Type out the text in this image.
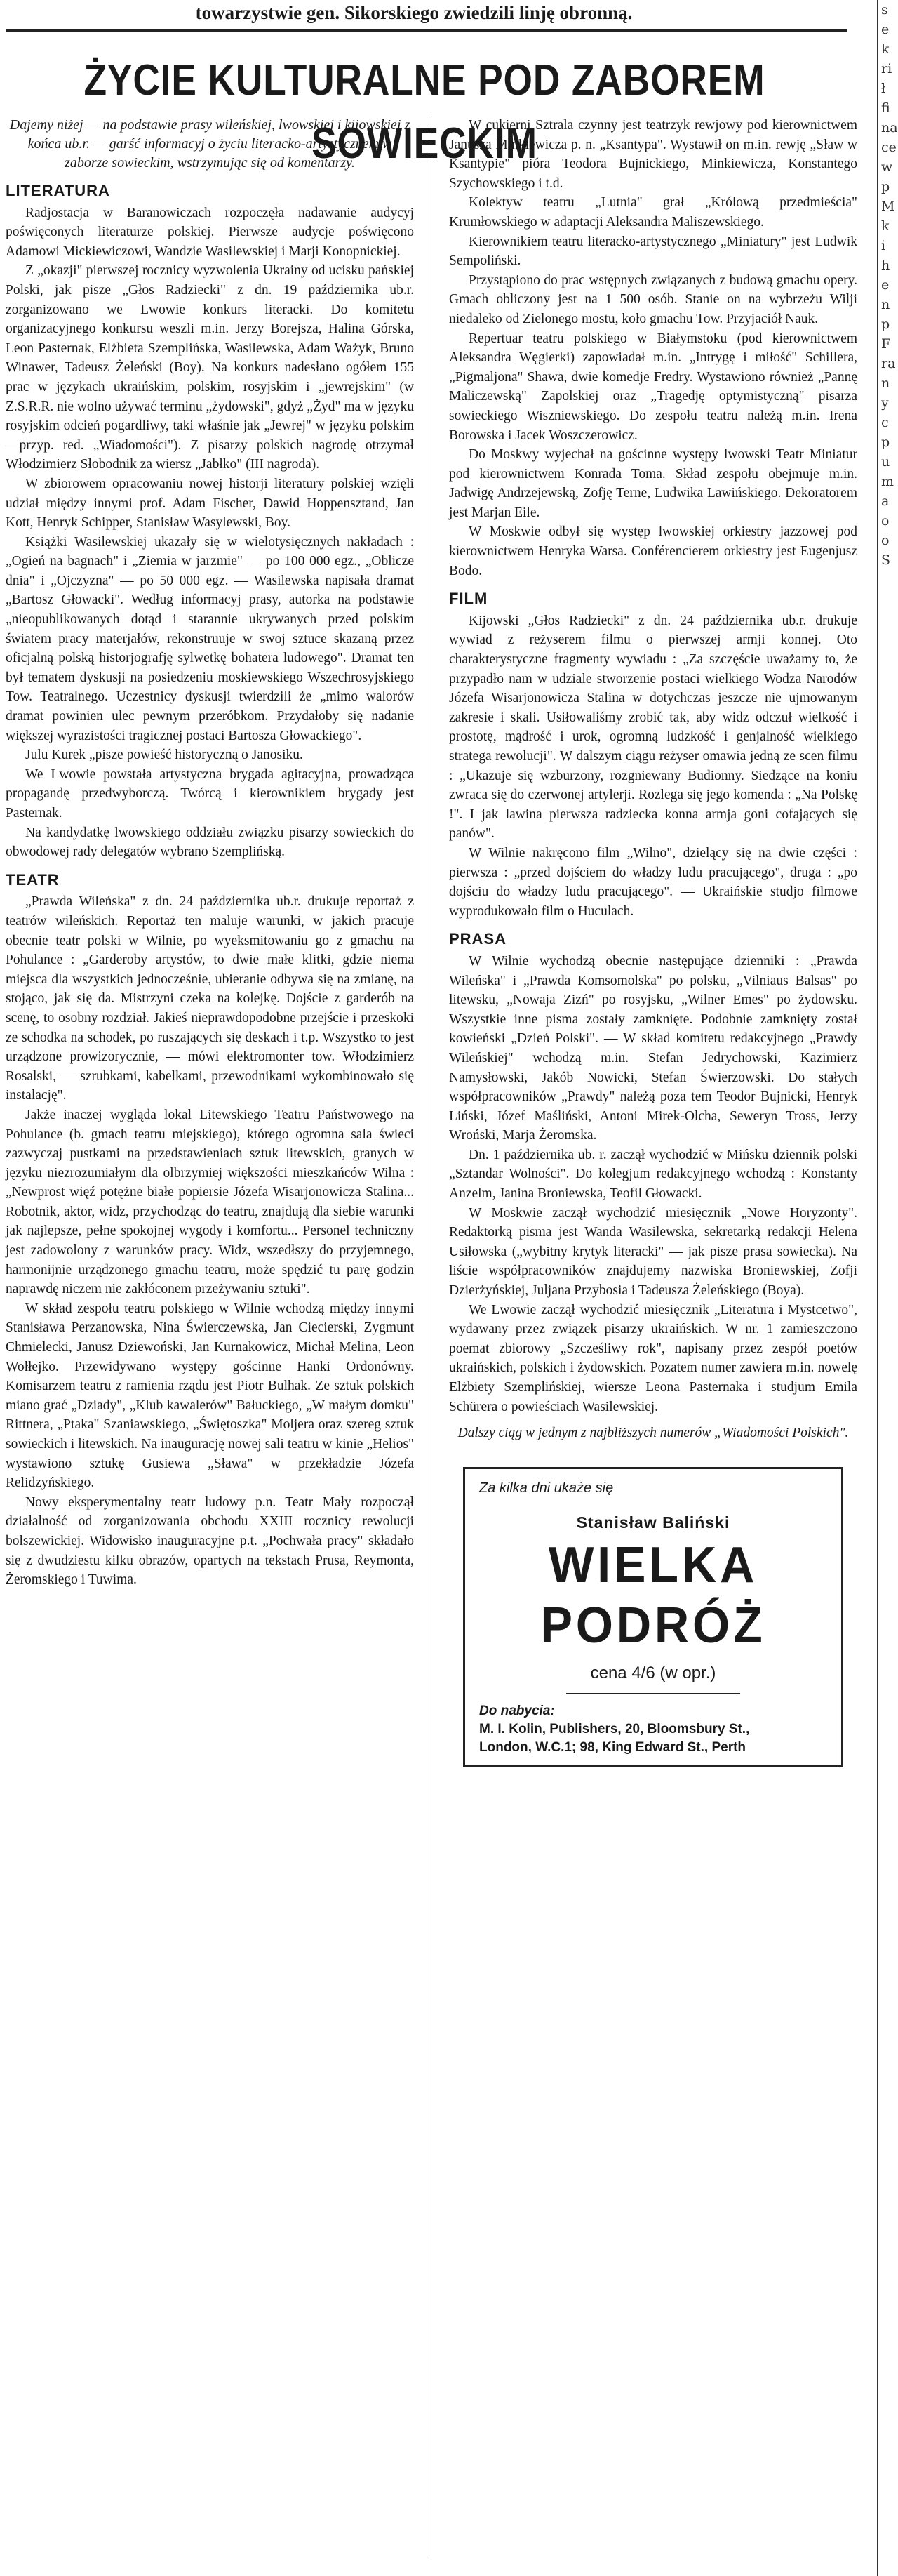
towarzystwie gen. Sikorskiego zwiedzili linję obronną.
ŻYCIE KULTURALNE POD ZABOREM SOWIECKIM

Dajemy niżej — na podstawie prasy wileńskiej, lwowskiej i kijowskiej z końca ub.r. — garść informacyj o życiu literacko-artystycznem w zaborze sowieckim, wstrzymując się od komentarzy.

LITERATURA

Radjostacja w Baranowiczach rozpoczęła nadawanie audycyj poświęconych literaturze polskiej. Pierwsze audycje poświęcono Adamowi Mickiewiczowi, Wandzie Wasilewskiej i Marji Konopnickiej.

Z „okazji" pierwszej rocznicy wyzwolenia Ukrainy od ucisku pańskiej Polski, jak pisze „Głos Radziecki" z dn. 19 października ub.r. zorganizowano we Lwowie konkurs literacki. Do komitetu organizacyjnego konkursu weszli m.in. Jerzy Borejsza, Halina Górska, Leon Pasternak, Elżbieta Szemplińska, Wasilewska, Adam Ważyk, Bruno Winawer, Tadeusz Żeleński (Boy). Na konkurs nadesłano ogółem 155 prac w językach ukraińskim, polskim, rosyjskim i „jewrejskim" (w Z.S.R.R. nie wolno używać terminu „żydowski", gdyż „Żyd" ma w języku rosyjskim odcień pogardliwy, taki właśnie jak „Jewrej" w języku polskim —przyp. red. „Wiadomości"). Z pisarzy polskich nagrodę otrzymał Włodzimierz Słobodnik za wiersz „Jabłko" (III nagroda).

W zbiorowem opracowaniu nowej historji literatury polskiej wzięli udział między innymi prof. Adam Fischer, Dawid Hoppensztand, Jan Kott, Henryk Schipper, Stanisław Wasylewski, Boy.

Książki Wasilewskiej ukazały się w wielotysięcznych nakładach : „Ogień na bagnach" i „Ziemia w jarzmie" — po 100 000 egz., „Oblicze dnia" i „Ojczyzna" — po 50 000 egz. — Wasilewska napisała dramat „Bartosz Głowacki". Według informacyj prasy, autorka na podstawie „nieopublikowanych dotąd i starannie ukrywanych przed polskim światem pracy materjałów, rekonstruuje w swoj sztuce skazaną przez oficjalną polską historjografję sylwetkę bohatera ludowego". Dramat ten był tematem dyskusji na posiedzeniu moskiewskiego Wszechrosyjskiego Tow. Teatralnego. Uczestnicy dyskusji twierdzili że „mimo walorów dramat powinien ulec pewnym przeróbkom. Przydałoby się nadanie większej wyrazistości tragicznej postaci Bartosza Głowackiego".

Julu Kurek „pisze powieść historyczną o Janosiku.

We Lwowie powstała artystyczna brygada agitacyjna, prowadząca propagandę przedwyborczą. Twórcą i kierownikiem brygady jest Pasternak.

Na kandydatkę lwowskiego oddziału związku pisarzy sowieckich do obwodowej rady delegatów wybrano Szemplińską.

TEATR

„Prawda Wileńska" z dn. 24 października ub.r. drukuje reportaż z teatrów wileńskich. Reportaż ten maluje warunki, w jakich pracuje obecnie teatr polski w Wilnie, po wyeksmitowaniu go z gmachu na Pohulance : „Garderoby artystów, to dwie małe klitki, gdzie niema miejsca dla wszystkich jednocześnie, ubieranie odbywa się na zmianę, na stojąco, jak się da. Mistrzyni czeka na kolejkę. Dojście z garderób na scenę, to osobny rozdział. Jakieś nieprawdopodobne przejście i przeskoki ze schodka na schodek, po ruszających się deskach i t.p. Wszystko to jest urządzone prowizorycznie, — mówi elektromonter tow. Włodzimierz Rosalski, — szrubkami, kabelkami, przewodnikami wykombinowało się instalację".

Jakże inaczej wygląda lokal Litewskiego Teatru Państwowego na Pohulance (b. gmach teatru miejskiego), którego ogromna sala świeci zazwyczaj pustkami na przedstawieniach sztuk litewskich, granych w języku niezrozumiałym dla olbrzymiej większości mieszkańców Wilna : „Newprost więź potężne białe popiersie Józefa Wisarjonowicza Stalina... Robotnik, aktor, widz, przychodząc do teatru, znajdują dla siebie warunki jak najlepsze, pełne spokojnej wygody i komfortu... Personel techniczny jest zadowolony z warunków pracy. Widz, wszedłszy do przyjemnego, harmonijnie urządzonego gmachu teatru, może spędzić tu parę godzin naprawdę niczem nie zakłóconem przeżywaniu sztuki".

W skład zespołu teatru polskiego w Wilnie wchodzą między innymi Stanisława Perzanowska, Nina Świerczewska, Jan Ciecierski, Zygmunt Chmielecki, Janusz Dziewoński, Jan Kurnakowicz, Michał Melina, Leon Wołłejko. Przewidywano występy gościnne Hanki Ordonówny. Komisarzem teatru z ramienia rządu jest Piotr Bulhak. Ze sztuk polskich miano grać „Dziady", „Klub kawalerów" Bałuckiego, „W małym domku" Rittnera, „Ptaka" Szaniawskiego, „Świętoszka" Moljera oraz szereg sztuk sowieckich i litewskich. Na inaugurację nowej sali teatru w kinie „Helios" wystawiono sztukę Gusiewa „Sława" w przekładzie Józefa Relidzyńskiego.

Nowy eksperymentalny teatr ludowy p.n. Teatr Mały rozpoczął działalność od zorganizowania obchodu XXIII rocznicy rewolucji bolszewickiej. Widowisko inauguracyjne p.t. „Pochwała pracy" składało się z dwudziestu kilku obrazów, opartych na tekstach Prusa, Reymonta, Żeromskiego i Tuwima.

W cukierni Sztrala czynny jest teatrzyk rewjowy pod kierownictwem Janusza Minkiewicza p. n. „Ksantypa". Wystawił on m.in. rewję „Sław w Ksantypie" pióra Teodora Bujnickiego, Minkiewicza, Konstantego Szychowskiego i t.d.

Kolektyw teatru „Lutnia" grał „Królową przedmieścia" Krumłowskiego w adaptacji Aleksandra Maliszewskiego.

Kierownikiem teatru literacko-artystycznego „Miniatury" jest Ludwik Sempoliński.

Przystąpiono do prac wstępnych związanych z budową gmachu opery. Gmach obliczony jest na 1 500 osób. Stanie on na wybrzeżu Wilji niedaleko od Zielonego mostu, koło gmachu Tow. Przyjaciół Nauk.

Repertuar teatru polskiego w Białymstoku (pod kierownictwem Aleksandra Węgierki) zapowiadał m.in. „Intrygę i miłość" Schillera, „Pigmaljona" Shawa, dwie komedje Fredry. Wystawiono również „Pannę Maliczewską" Zapolskiej oraz „Tragedję optymistyczną" pisarza sowieckiego Wiszniewskiego. Do zespołu teatru należą m.in. Irena Borowska i Jacek Woszczerowicz.

Do Moskwy wyjechał na gościnne występy lwowski Teatr Miniatur pod kierownictwem Konrada Toma. Skład zespołu obejmuje m.in. Jadwigę Andrzejewską, Zofję Terne, Ludwika Lawińskiego. Dekoratorem jest Marjan Eile.

W Moskwie odbył się występ lwowskiej orkiestry jazzowej pod kierownictwem Henryka Warsa. Conférencierem orkiestry jest Eugenjusz Bodo.

FILM

Kijowski „Głos Radziecki" z dn. 24 października ub.r. drukuje wywiad z reżyserem filmu o pierwszej armji konnej. Oto charakterystyczne fragmenty wywiadu : „Za szczęście uważamy to, że przypadło nam w udziale stworzenie postaci wielkiego Wodza Narodów Józefa Wisarjonowicza Stalina w dotychczas jeszcze nie ujmowanym zakresie i skali. Usiłowaliśmy zrobić tak, aby widz odczuł wielkość i prostotę, mądrość i urok, ogromną ludzkość i genjalność wielkiego stratega rewolucji". W dalszym ciągu reżyser omawia jedną ze scen filmu : „Ukazuje się wzburzony, rozgniewany Budionny. Siedzące na koniu zwraca się do czerwonej artylerji. Rozlega się jego komenda : „Na Polskę !". I jak lawina pierwsza radziecka konna armja goni cofających się panów".

W Wilnie nakręcono film „Wilno", dzielący się na dwie części : pierwsza : „przed dojściem do władzy ludu pracującego", druga : „po dojściu do władzy ludu pracującego". — Ukraińskie studjo filmowe wyprodukowało film o Huculach.

PRASA

W Wilnie wychodzą obecnie następujące dzienniki : „Prawda Wileńska" i „Prawda Komsomolska" po polsku, „Vilniaus Balsas" po litewsku, „Nowaja Zizń" po rosyjsku, „Wilner Emes" po żydowsku. Wszystkie inne pisma zostały zamknięte. Podobnie zamknięty został kowieński „Dzień Polski". — W skład komitetu redakcyjnego „Prawdy Wileńskiej" wchodzą m.in. Stefan Jedrychowski, Kazimierz Namysłowski, Jakób Nowicki, Stefan Świerzowski. Do stałych współpracowników „Prawdy" należą poza tem Teodor Bujnicki, Henryk Liński, Józef Maśliński, Antoni Mirek-Olcha, Seweryn Tross, Jerzy Wroński, Marja Żeromska.

Dn. 1 października ub. r. zaczął wychodzić w Mińsku dziennik polski „Sztandar Wolności". Do kolegjum redakcyjnego wchodzą : Konstanty Anzelm, Janina Broniewska, Teofil Głowacki.

W Moskwie zaczął wychodzić miesięcznik „Nowe Horyzonty". Redaktorką pisma jest Wanda Wasilewska, sekretarką redakcji Helena Usiłowska („wybitny krytyk literacki" — jak pisze prasa sowiecka). Na liście współpracowników znajdujemy nazwiska Broniewskiej, Zofji Dzierżyńskiej, Juljana Przybosia i Tadeusza Żeleńskiego (Boya).

We Lwowie zaczął wychodzić miesięcznik „Literatura i Mystcetwo", wydawany przez związek pisarzy ukraińskich. W nr. 1 zamieszczono poemat zbiorowy „Szcześliwy rok", napisany przez zespół poetów ukraińskich, polskich i żydowskich. Pozatem numer zawiera m.in. nowelę Elżbiety Szemplińskiej, wiersze Leona Pasternaka i studjum Emila Schürera o powieściach Wasilewskiej.

Dalszy ciąg w jednym z najbliższych numerów „Wiadomości Polskich".

Za kilka dni ukaże się

Stanisław Baliński

WIELKA

PODRÓŻ

cena 4/6 (w opr.)

Do nabycia:

M. I. Kolin, Publishers, 20, Bloomsbury St.,

London, W.C.1; 98, King Edward St., Perth

s
e
k
ri
ł
fi
na
ce
w
p
M
k
i
h
e
n
p
F
ra
n
y
c
p
u
m
a
o
o
S
